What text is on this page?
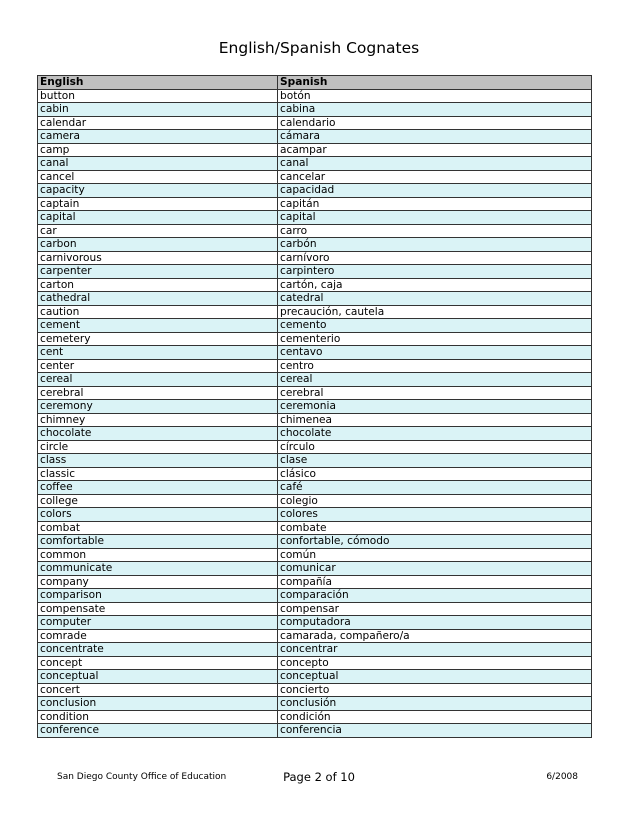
English/Spanish Cognates
English	Spanish
button	botón
cabin	cabina
calendar	calendario
camera	cámara
camp	acampar
canal	canal
cancel	cancelar
capacity	capacidad
captain	capitán
capital	capital
car	carro
carbon	carbón
carnivorous	carnívoro
carpenter	carpintero
carton	cartón, caja
cathedral	catedral
caution	precaución, cautela
cement	cemento
cemetery	cementerio
cent	centavo
center	centro
cereal	cereal
cerebral	cerebral
ceremony	ceremonia
chimney	chimenea
chocolate	chocolate
circle	círculo
class	clase
classic	clásico
coffee	café
college	colegio
colors	colores
combat	combate
comfortable	confortable, cómodo
common	común
communicate	comunicar
company	compañía
comparison	comparación
compensate	compensar
computer	computadora
comrade	camarada, compañero/a
concentrate	concentrar
concept	concepto
conceptual	conceptual
concert	concierto
conclusion	conclusión
condition	condición
conference	conferencia
San Diego County Office of Education	Page 2 of 10	6/2008
